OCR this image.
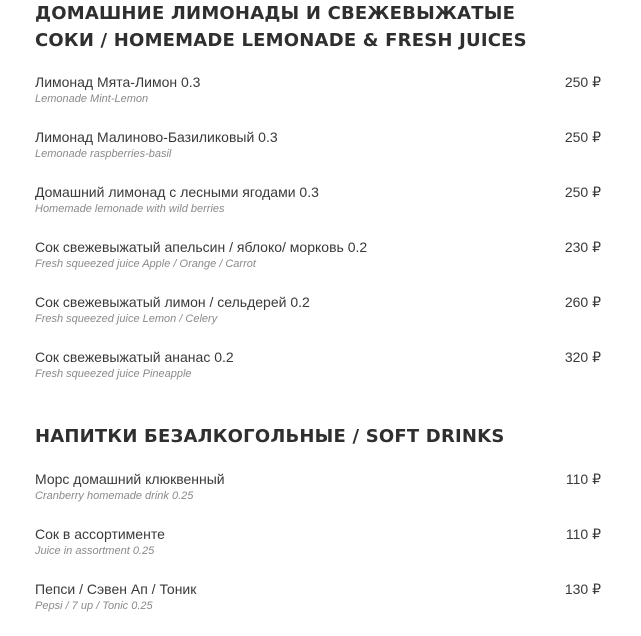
ДОМАШНИЕ ЛИМОНАДЫ И СВЕЖЕВЫЖАТЫЕ
СОКИ / HOMEMADE LEMONADE & FRESH JUICES
Лимонад Мята-Лимон 0.3
Lemonade Mint-Lemon
250 ₽
Лимонад Малиново-Базиликовый 0.3
Lemonade raspberries-basil
250 ₽
Домашний лимонад с лесными ягодами 0.3
Homemade lemonade with wild berries
250 ₽
Сок свежевыжатый апельсин / яблоко/ морковь 0.2
Fresh squeezed juice Apple / Orange / Carrot
230 ₽
Сок свежевыжатый лимон / сельдерей 0.2
Fresh squeezed juice Lemon / Celery
260 ₽
Сок свежевыжатый ананас 0.2
Fresh squeezed juice Pineapple
320 ₽
НАПИТКИ БЕЗАЛКОГОЛЬНЫЕ / SOFT DRINKS
Морс домашний клюквенный
Cranberry homemade drink 0.25
110 ₽
Сок в ассортименте
Juice in assortment 0.25
110 ₽
Пепси / Сэвен Ап / Тоник
Pepsi / 7 up / Tonic 0.25
130 ₽
